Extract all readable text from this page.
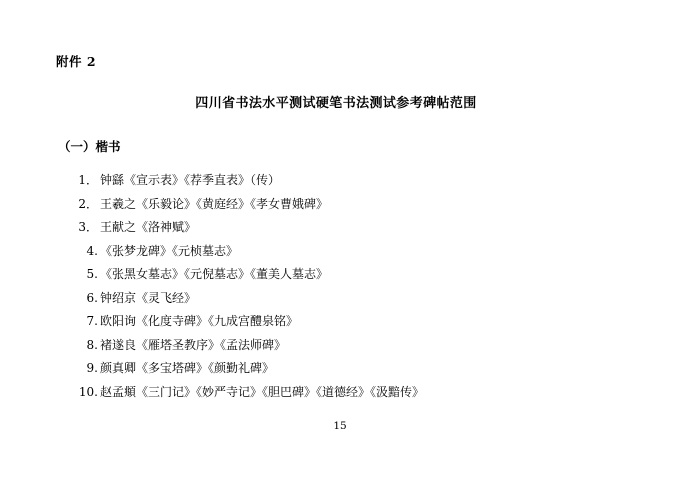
附件 2
四川省书法水平测试硬笔书法测试参考碑帖范围
（一）楷书
1． 钟繇《宣示表》《荐季直表》（传）
2． 王羲之《乐毅论》《黄庭经》《孝女曹娥碑》
3． 王献之《洛神赋》
4. 《张梦龙碑》《元桢墓志》
5. 《张黑女墓志》《元倪墓志》《董美人墓志》
6. 钟绍京《灵飞经》
7. 欧阳询《化度寺碑》《九成宫醴泉铭》
8. 褚遂良《雁塔圣教序》《孟法师碑》
9. 颜真卿《多宝塔碑》《颜勤礼碑》
10. 赵孟頫《三门记》《妙严寺记》《胆巴碑》《道德经》《汲黯传》
15
